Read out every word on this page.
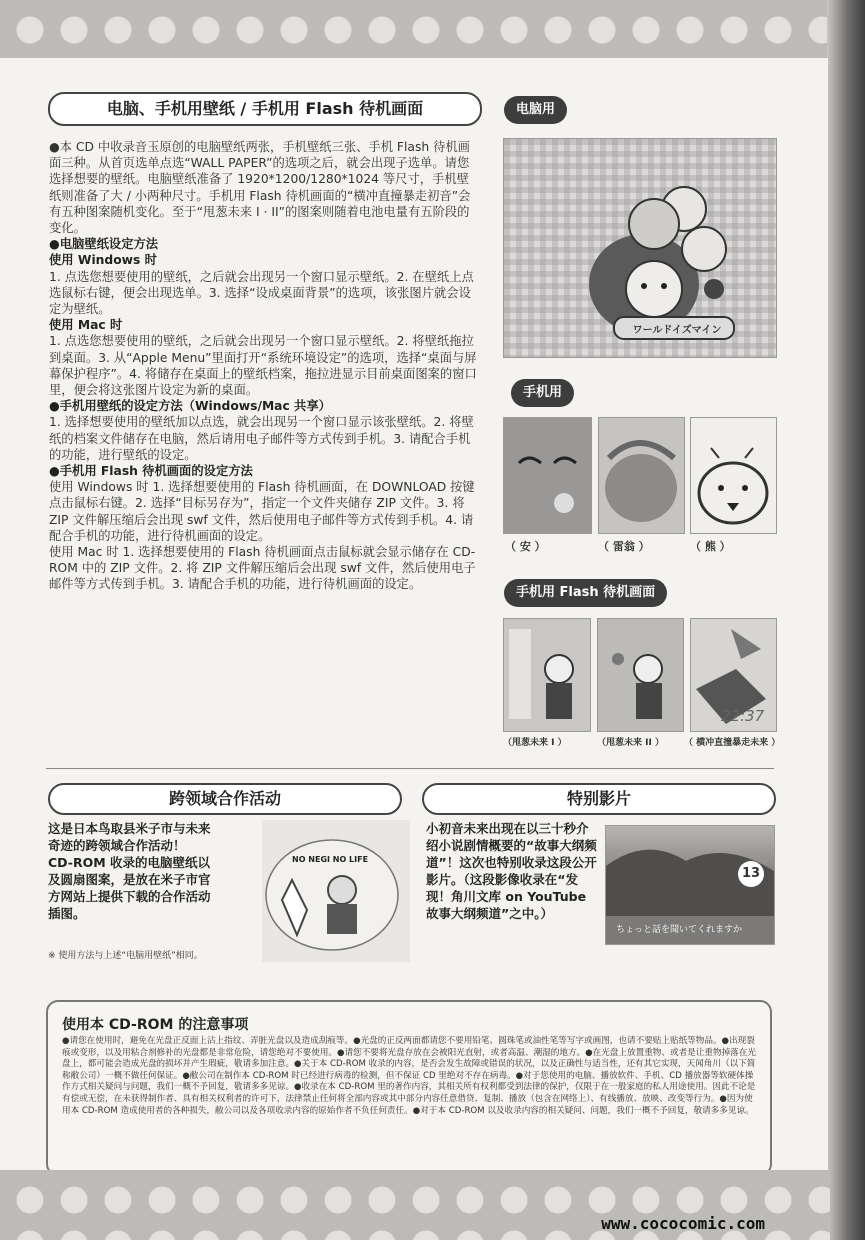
电脑、手机用壁纸 / 手机用 Flash 待机画面

●本 CD 中收录音玉原创的电脑壁纸两张，手机壁纸三张、手机 Flash 待机画面三种。从首页选单点选“WALL PAPER”的选项之后，就会出现子选单。请您选择想要的壁纸。电脑壁纸准备了 1920*1200/1280*1024 等尺寸，手机壁纸则准备了大 / 小两种尺寸。手机用 Flash 待机画面的“横冲直撞暴走初音”会有五种图案随机变化。至于“甩葱未来 I · II”的图案则随着电池电量有五阶段的变化。

●电脑壁纸设定方法

使用 Windows 时

1. 点选您想要使用的壁纸，之后就会出现另一个窗口显示壁纸。2. 在壁纸上点选鼠标右键，便会出现选单。3. 选择“设成桌面背景”的选项，该张图片就会设定为壁纸。

使用 Mac 时

1. 点选您想要使用的壁纸，之后就会出现另一个窗口显示壁纸。2. 将壁纸拖拉到桌面。3. 从“Apple Menu”里面打开“系统环境设定”的选项，选择“桌面与屏幕保护程序”。4. 将储存在桌面上的壁纸档案，拖拉进显示目前桌面图案的窗口里，便会将这张图片设定为新的桌面。

●手机用壁纸的设定方法（Windows/Mac 共享）

1. 选择想要使用的壁纸加以点选，就会出现另一个窗口显示该张壁纸。2. 将壁纸的档案文件储存在电脑，然后请用电子邮件等方式传到手机。3. 请配合手机的功能，进行壁纸的设定。

●手机用 Flash 待机画面的设定方法

使用 Windows 时 1. 选择想要使用的 Flash 待机画面，在 DOWNLOAD 按键点击鼠标右键。2. 选择“目标另存为”，指定一个文件夹储存 ZIP 文件。3. 将 ZIP 文件解压缩后会出现 swf 文件，然后使用电子邮件等方式传到手机。4. 请配合手机的功能，进行待机画面的设定。

使用 Mac 时 1. 选择想要使用的 Flash 待机画面点击鼠标就会显示储存在 CD-ROM 中的 ZIP 文件。2. 将 ZIP 文件解压缩后会出现 swf 文件，然后使用电子邮件等方式传到手机。3. 请配合手机的功能，进行待机画面的设定。

电脑用
ワールドイズマイン
手机用
（ 安 ）	（ 雷翁 ）	（ 熊 ）
手机用 Flash 待机画面
22:37
（甩葱未来 I ）	（甩葱未来 II ） （ 横冲直撞暴走未来 ）
跨领域合作活动
这是日本鸟取县米子市与未来奇迹的跨领域合作活动！ CD-ROM 收录的电脑壁纸以及圆扇图案，是放在米子市官方网站上提供下载的合作活动插图。
※ 使用方法与上述“电脑用壁纸”相同。
NO NEGI NO LIFE
特别影片
小初音未来出现在以三十秒介绍小说剧情概要的“故事大纲频道”！这次也特别收录这段公开影片。（这段影像收录在“发现！角川文库 on YouTube 故事大纲频道”之中。）
13
ちょっと話を聞いてくれますか
使用本 CD-ROM 的注意事项
●请您在使用时，避免在光盘正反面上沾上指纹、弄脏光盘以及造成刮痕等。●光盘的正反两面都请您不要用铅笔、圆珠笔或油性笔等写字或画图，也请不要贴上贴纸等物品。●出现裂痕或变形，以及用粘合剂修补的光盘都是非常危险，请您绝对不要使用。●请您不要将光盘存放在会被阳光直射，或者高温、潮湿的地方。●在光盘上放置重物、或者是让重物掉落在光盘上，都可能会造成光盘的损坏并产生瑕疵，敬请多加注意。●关于本 CD-ROM 收录的内容，是否会发生故障或错误的状况，以及正确性与适当性，还有其它实现，天闻角川（以下简称敝公司）一概不做任何保证。●敝公司在制作本 CD-ROM 时已经进行病毒的检测，但不保证 CD 里绝对不存在病毒。●对于您使用的电脑、播放软件、手机、CD 播放器等软硬体操作方式相关疑问与问题，我们一概不予回复，敬请多多见谅。●收录在本 CD-ROM 里的著作内容，其相关所有权利都受到法律的保护，仅限于在一般家庭的私人用途使用。因此不论是有偿或无偿，在未获得制作者、具有相关权利者的许可下，法律禁止任何将全部内容或其中部分内容任意借贷、复制、播放（包含在网络上）、有线播放、放映、改变等行为。●因为使用本 CD-ROM 造成使用者的各种损失，敝公司以及各项收录内容的原始作者不负任何责任。●对于本 CD-ROM 以及收录内容的相关疑问、问题，我们一概不予回复，敬请多多见谅。
www.cococomic.com
